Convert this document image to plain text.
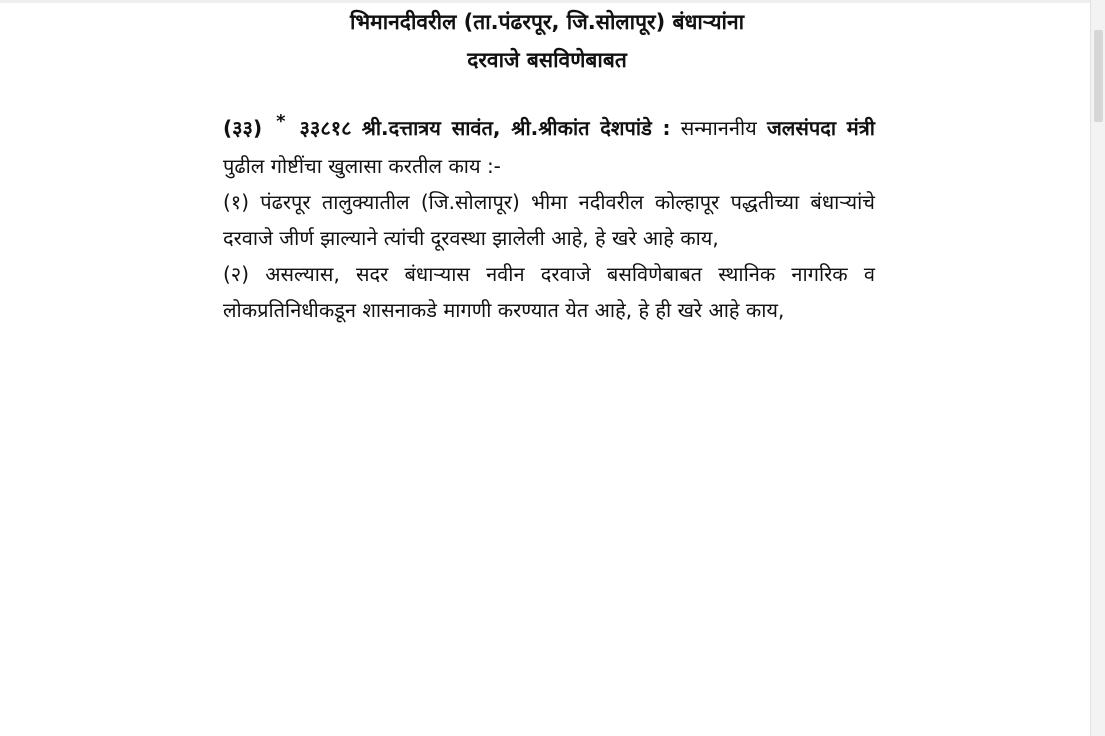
भिमानदीवरील (ता.पंढरपूर, जि.सोलापूर) बंधाऱ्यांना
दरवाजे बसविणेबाबत

(३३) * ३३८१८ श्री.दत्तात्रय सावंत, श्री.श्रीकांत देशपांडे : सन्माननीय जलसंपदा मंत्री पुढील गोष्टींचा खुलासा करतील काय :-

(१) पंढरपूर तालुक्यातील (जि.सोलापूर) भीमा नदीवरील कोल्हापूर पद्धतीच्या बंधाऱ्यांचे दरवाजे जीर्ण झाल्याने त्यांची दूरवस्था झालेली आहे, हे खरे आहे काय,

(२) असल्यास, सदर बंधाऱ्यास नवीन दरवाजे बसविणेबाबत स्थानिक नागरिक व लोकप्रतिनिधीकडून शासनाकडे मागणी करण्यात येत आहे, हे ही खरे आहे काय,
